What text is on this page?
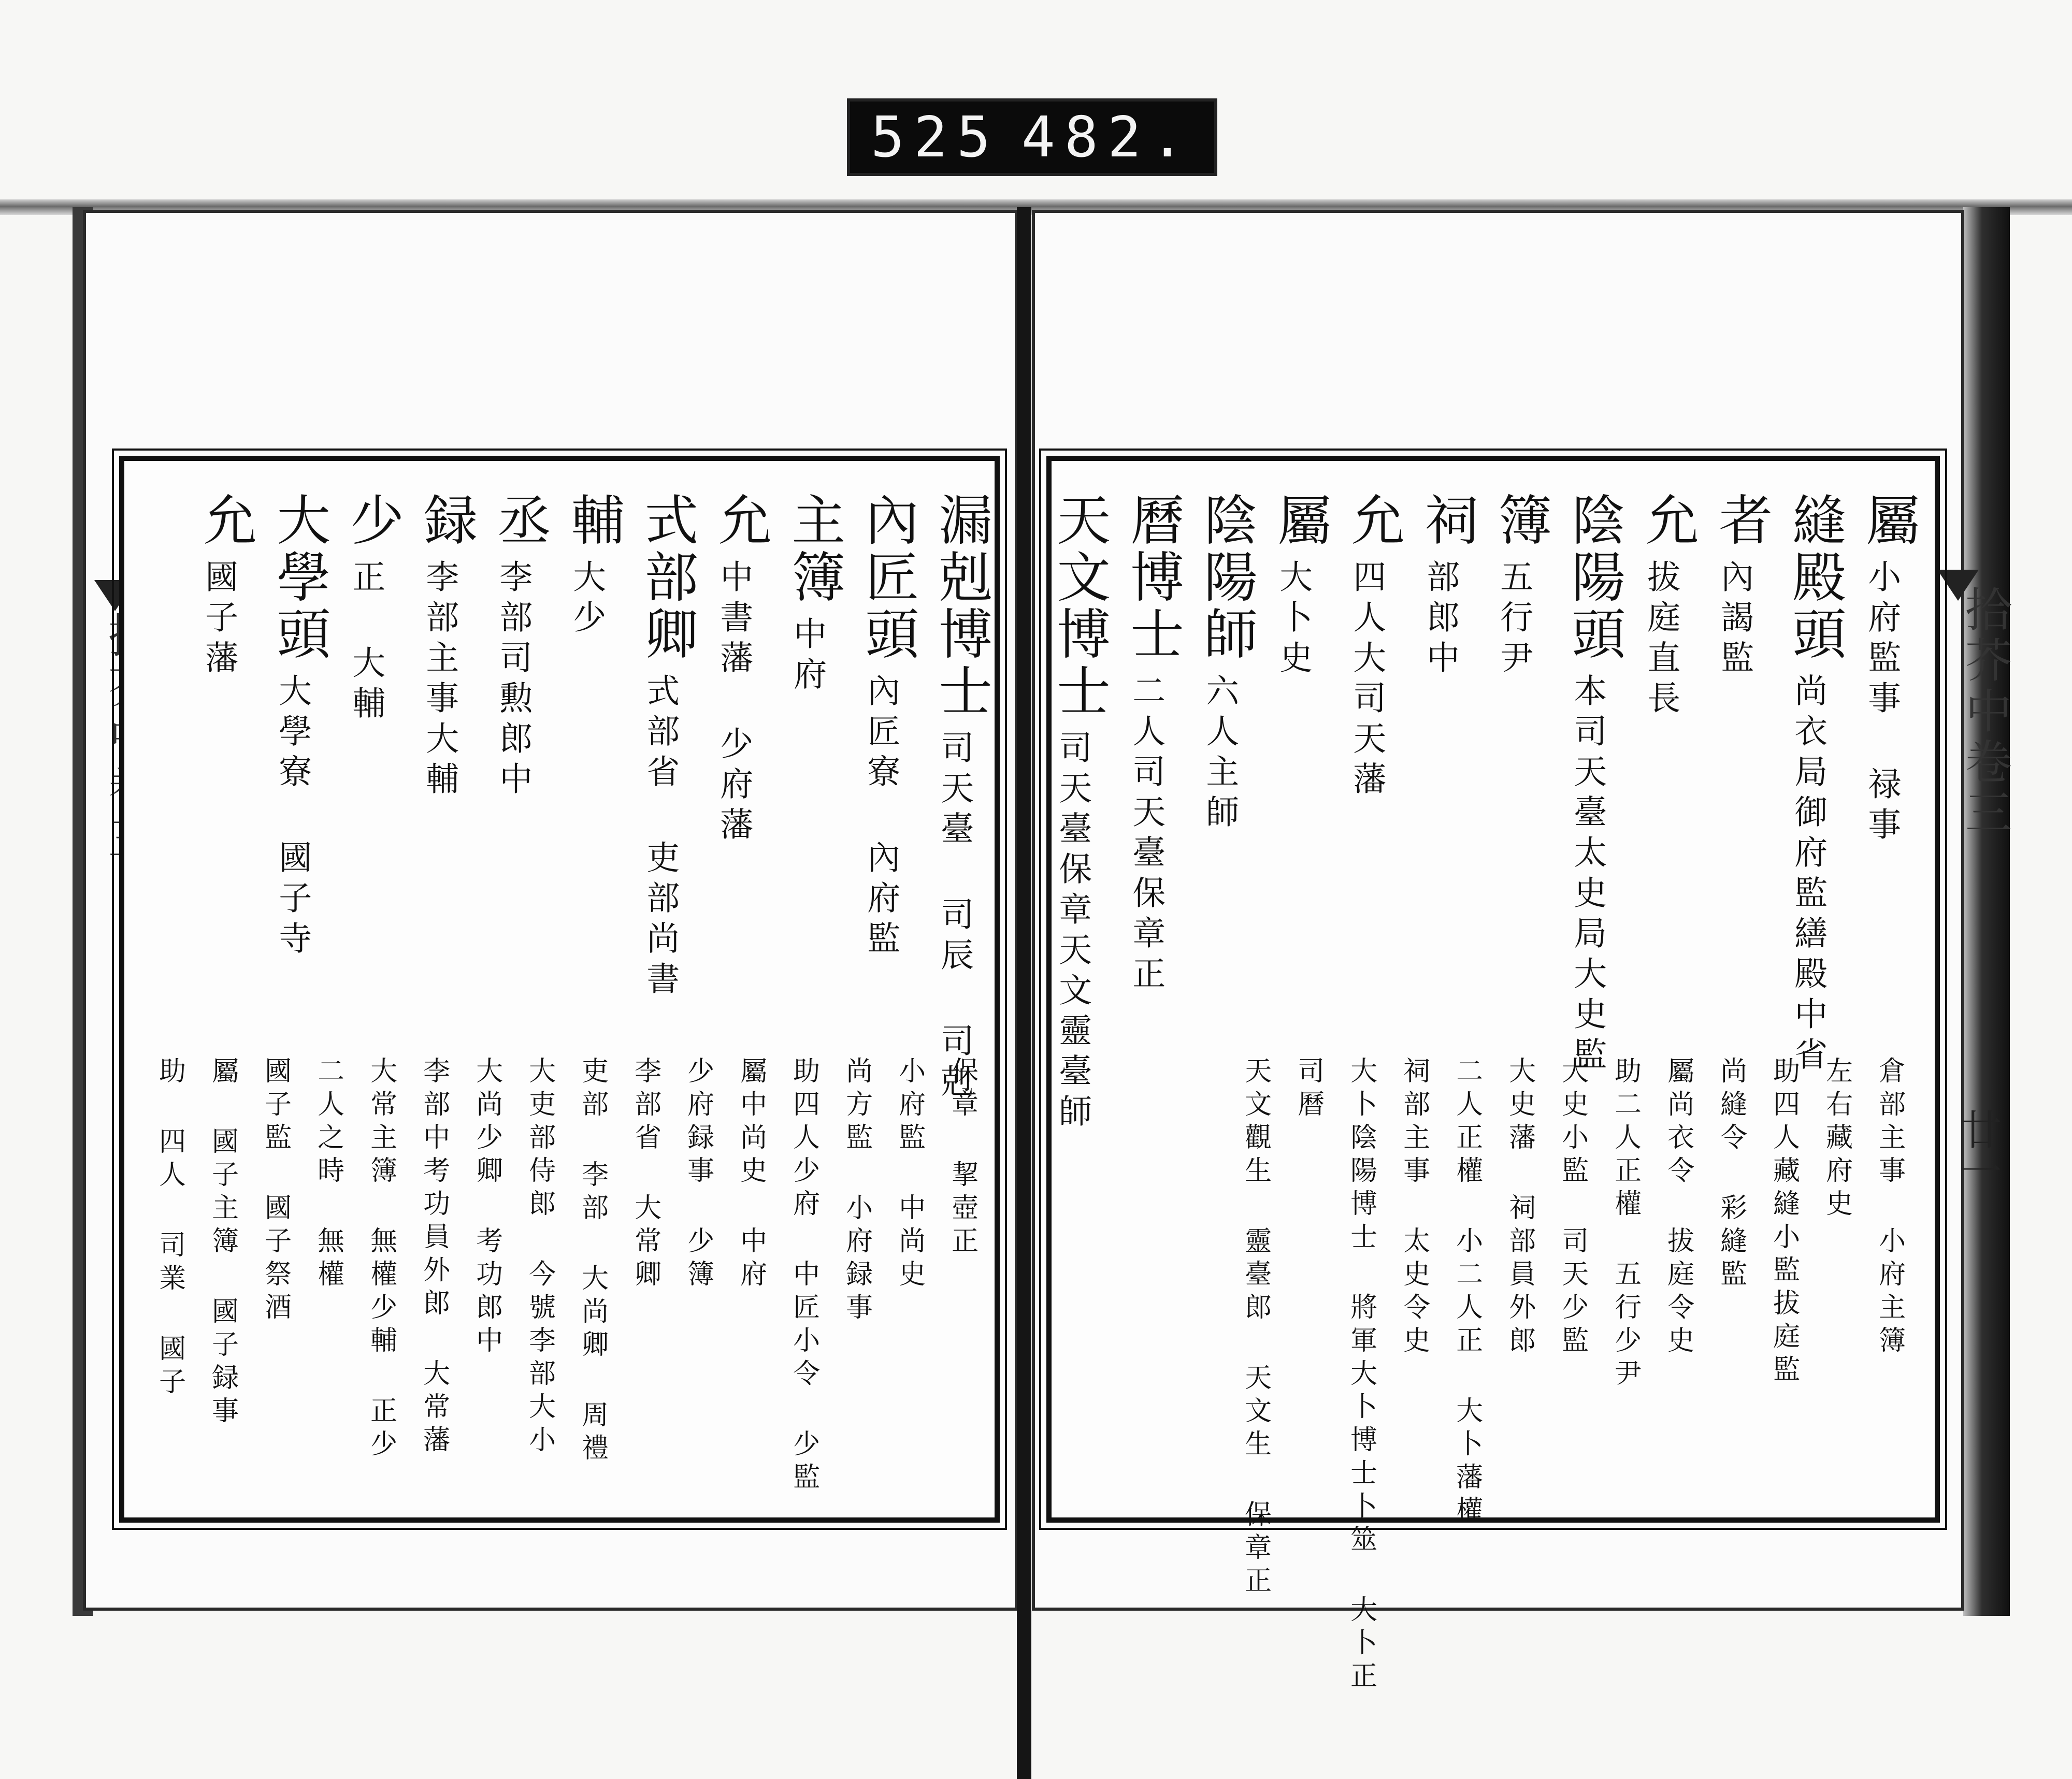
525 482.
拾芥中卷三
廿一
漏剋博士
司天臺 司辰 司剋
內匠頭
內匠寮 內府監
主簿
中府
允
中書藩 少府藩
式部卿
式部省 吏部尚書
輔
大少
丞
李部司勲郎中
録
李部主事大輔
少
正 大輔
大學頭
大學寮 國子寺
允
國子藩
保章 挈壺正
小府監 中尚史
尚方監 小府録事
助四人少府 中匠小令 少監
屬中尚史 中府
少府録事 少簿
李部省 大常卿
吏部 李部 大尚卿 周禮
大吏部侍郎 今號李部大小
大尚少卿 考功郎中
李部中考功員外郎 大常藩
大常主簿 無權少輔 正少
二人之時 無權
國子監 國子祭酒
屬 國子主簿 國子録事
助 四人 司業 國子
屬
小府監事 禄事
縫殿頭
尚衣局御府監繕殿中省
者
內謁監
允
拔庭直長
陰陽頭
本司天臺太史局大史監
簿
五行尹
祠
部郎中
允
四人大司天藩
屬
大卜史
陰陽師
六人主師
曆博士
二人司天臺保章正
天文博士
司天臺保章天文靈臺師
倉部主事 小府主簿
左右藏府史
助四人藏縫小監拔庭監
尚縫令 彩縫監
屬尚衣令 拔庭令史
助二人正權 五行少尹
大史小監 司天少監
大史藩 祠部員外郎
二人正權 小二人正 大卜藩權
祠部主事 太史令史
大卜陰陽博士 將軍大卜博士卜筮 大卜正
司曆
天文觀生 靈臺郎 天文生 保章正
